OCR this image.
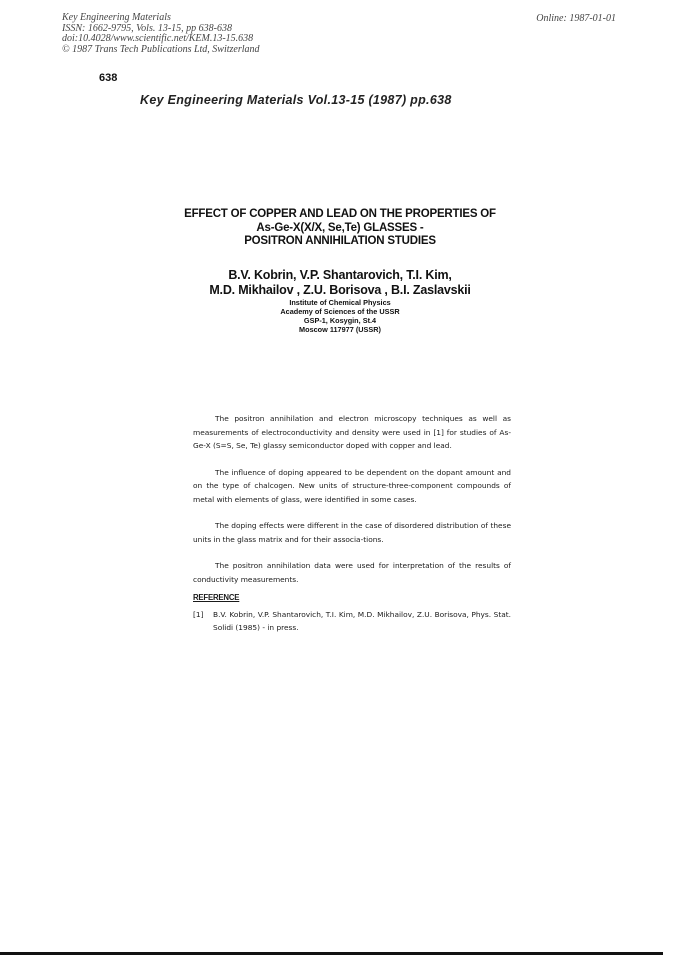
Key Engineering Materials
ISSN: 1662-9795, Vols. 13-15, pp 638-638
doi:10.4028/www.scientific.net/KEM.13-15.638
© 1987 Trans Tech Publications Ltd, Switzerland
Online: 1987-01-01
638
Key Engineering Materials Vol.13-15 (1987) pp.638
EFFECT OF COPPER AND LEAD ON THE PROPERTIES OF
As-Ge-X(X/X, Se,Te) GLASSES -
POSITRON ANNIHILATION STUDIES
B.V. Kobrin, V.P. Shantarovich, T.I. Kim,
M.D. Mikhailov , Z.U. Borisova , B.I. Zaslavskii
Institute of Chemical Physics
Academy of Sciences of the USSR
GSP-1, Kosygin, St.4
Moscow 117977 (USSR)

The positron annihilation and electron microscopy techniques as well as measurements of electroconductivity and density were used in [1] for studies of As-Ge-X (S=S, Se, Te) glassy semiconductor doped with copper and lead.

The influence of doping appeared to be dependent on the dopant amount and on the type of chalcogen. New units of structure-three-component compounds of metal with elements of glass, were identified in some cases.

The doping effects were different in the case of disordered distribution of these units in the glass matrix and for their associa-tions.

The positron annihilation data were used for interpretation of the results of conductivity measurements.

REFERENCE
[1] B.V. Kobrin, V.P. Shantarovich, T.I. Kim, M.D. Mikhailov, Z.U. Borisova, Phys. Stat. Solidi (1985) - in press.
